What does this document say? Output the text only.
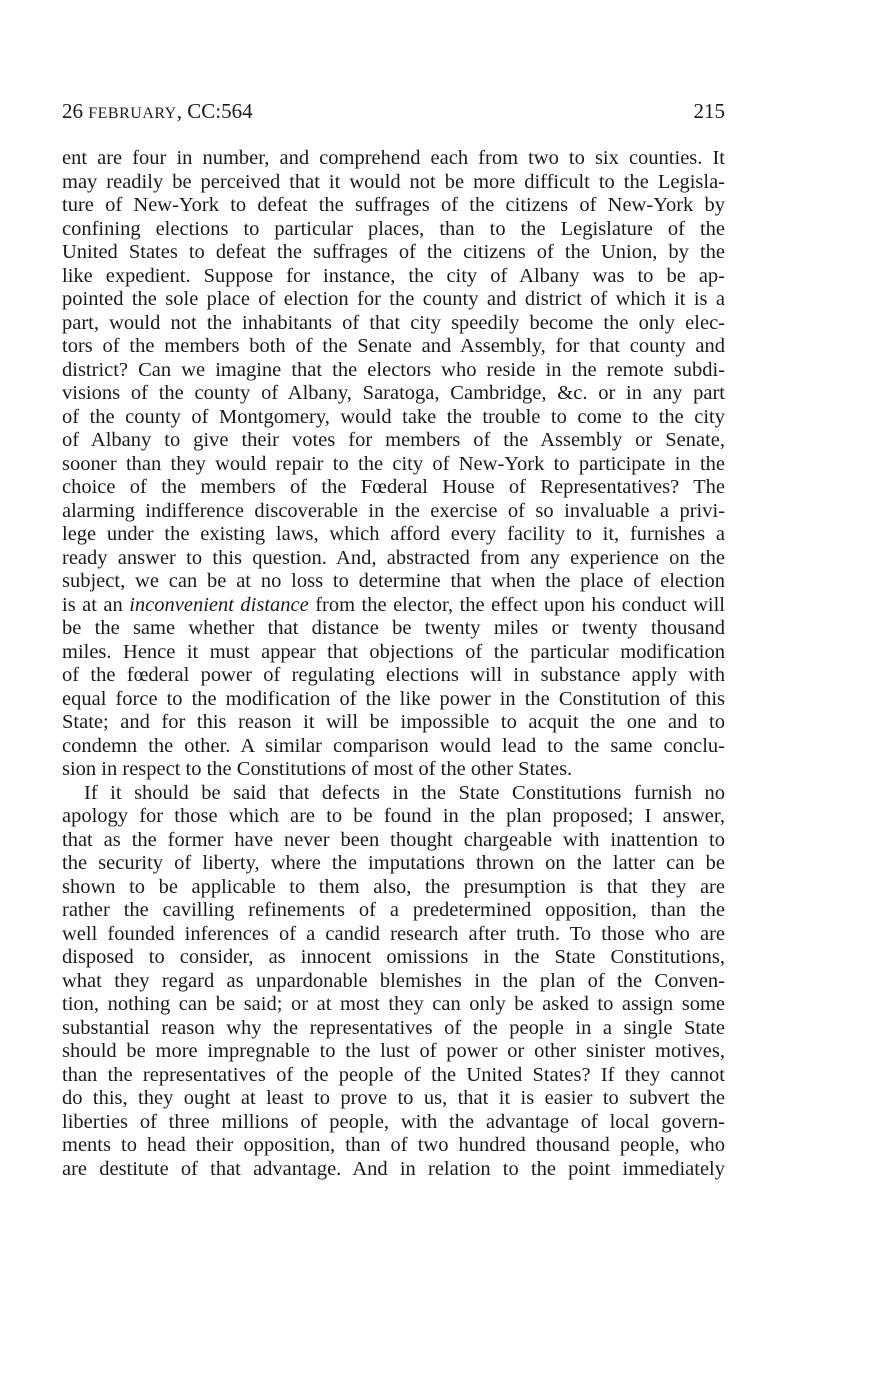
26 FEBRUARY, CC:564	215
ent are four in number, and comprehend each from two to six counties. It
may readily be perceived that it would not be more difficult to the Legisla-
ture of New-York to defeat the suffrages of the citizens of New-York by
confining elections to particular places, than to the Legislature of the
United States to defeat the suffrages of the citizens of the Union, by the
like expedient. Suppose for instance, the city of Albany was to be ap-
pointed the sole place of election for the county and district of which it is a
part, would not the inhabitants of that city speedily become the only elec-
tors of the members both of the Senate and Assembly, for that county and
district? Can we imagine that the electors who reside in the remote subdi-
visions of the county of Albany, Saratoga, Cambridge, &c. or in any part
of the county of Montgomery, would take the trouble to come to the city
of Albany to give their votes for members of the Assembly or Senate,
sooner than they would repair to the city of New-York to participate in the
choice of the members of the Fœderal House of Representatives? The
alarming indifference discoverable in the exercise of so invaluable a privi-
lege under the existing laws, which afford every facility to it, furnishes a
ready answer to this question. And, abstracted from any experience on the
subject, we can be at no loss to determine that when the place of election
is at an inconvenient distance from the elector, the effect upon his conduct will
be the same whether that distance be twenty miles or twenty thousand
miles. Hence it must appear that objections of the particular modification
of the fœderal power of regulating elections will in substance apply with
equal force to the modification of the like power in the Constitution of this
State; and for this reason it will be impossible to acquit the one and to
condemn the other. A similar comparison would lead to the same conclu-
sion in respect to the Constitutions of most of the other States.
If it should be said that defects in the State Constitutions furnish no
apology for those which are to be found in the plan proposed; I answer,
that as the former have never been thought chargeable with inattention to
the security of liberty, where the imputations thrown on the latter can be
shown to be applicable to them also, the presumption is that they are
rather the cavilling refinements of a predetermined opposition, than the
well founded inferences of a candid research after truth. To those who are
disposed to consider, as innocent omissions in the State Constitutions,
what they regard as unpardonable blemishes in the plan of the Conven-
tion, nothing can be said; or at most they can only be asked to assign some
substantial reason why the representatives of the people in a single State
should be more impregnable to the lust of power or other sinister motives,
than the representatives of the people of the United States? If they cannot
do this, they ought at least to prove to us, that it is easier to subvert the
liberties of three millions of people, with the advantage of local govern-
ments to head their opposition, than of two hundred thousand people, who
are destitute of that advantage. And in relation to the point immediately
